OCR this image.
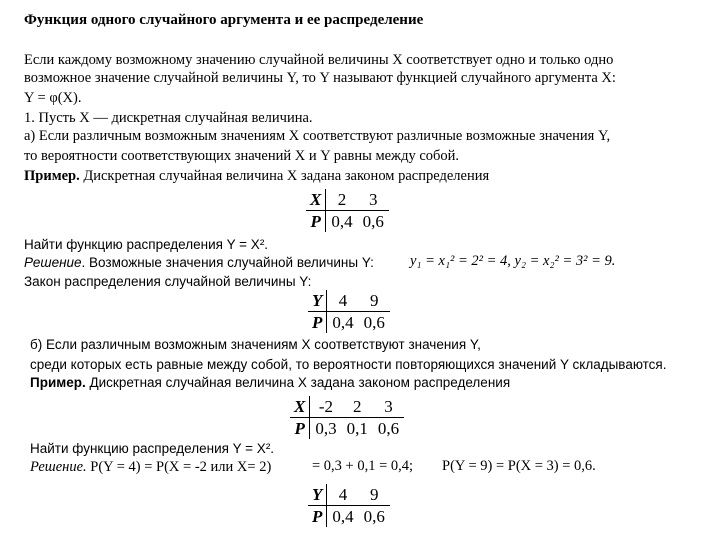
Функция одного случайного аргумента и ее распределение
Если каждому возможному значению случайной величины X соответствует одно и только одно
возможное значение случайной величины Y, то Y называют функцией случайного аргумента X:
Y = φ(X).
1. Пусть X — дискретная случайная величина.
а) Если различным возможным значениям X соответствуют различные возможные значения Y,
то вероятности соответствующих значений X и Y равны между собой.
Пример. Дискретная случайная величина X задана законом распределения
X	2	3
P	0,4	0,6
Найти функцию распределения Y = X².
Решение. Возможные значения случайной величины Y: y₁ = x₁² = 2² = 4, y₂ = x₂² = 3² = 9.
Закон распределения случайной величины Y:
Y	4	9
P	0,4	0,6
б) Если различным возможным значениям X соответствуют значения Y,
среди которых есть равные между собой, то вероятности повторяющихся значений Y складываются.
Пример. Дискретная случайная величина X задана законом распределения
X	-2	2	3
P	0,3	0,1	0,6
Найти функцию распределения Y = X².
Решение. P(Y = 4) = P(X = -2 или X= 2)	= 0,3 + 0,1 = 0,4; P(Y = 9) = P(X = 3) = 0,6.
Y	4	9
P	0,4	0,6
